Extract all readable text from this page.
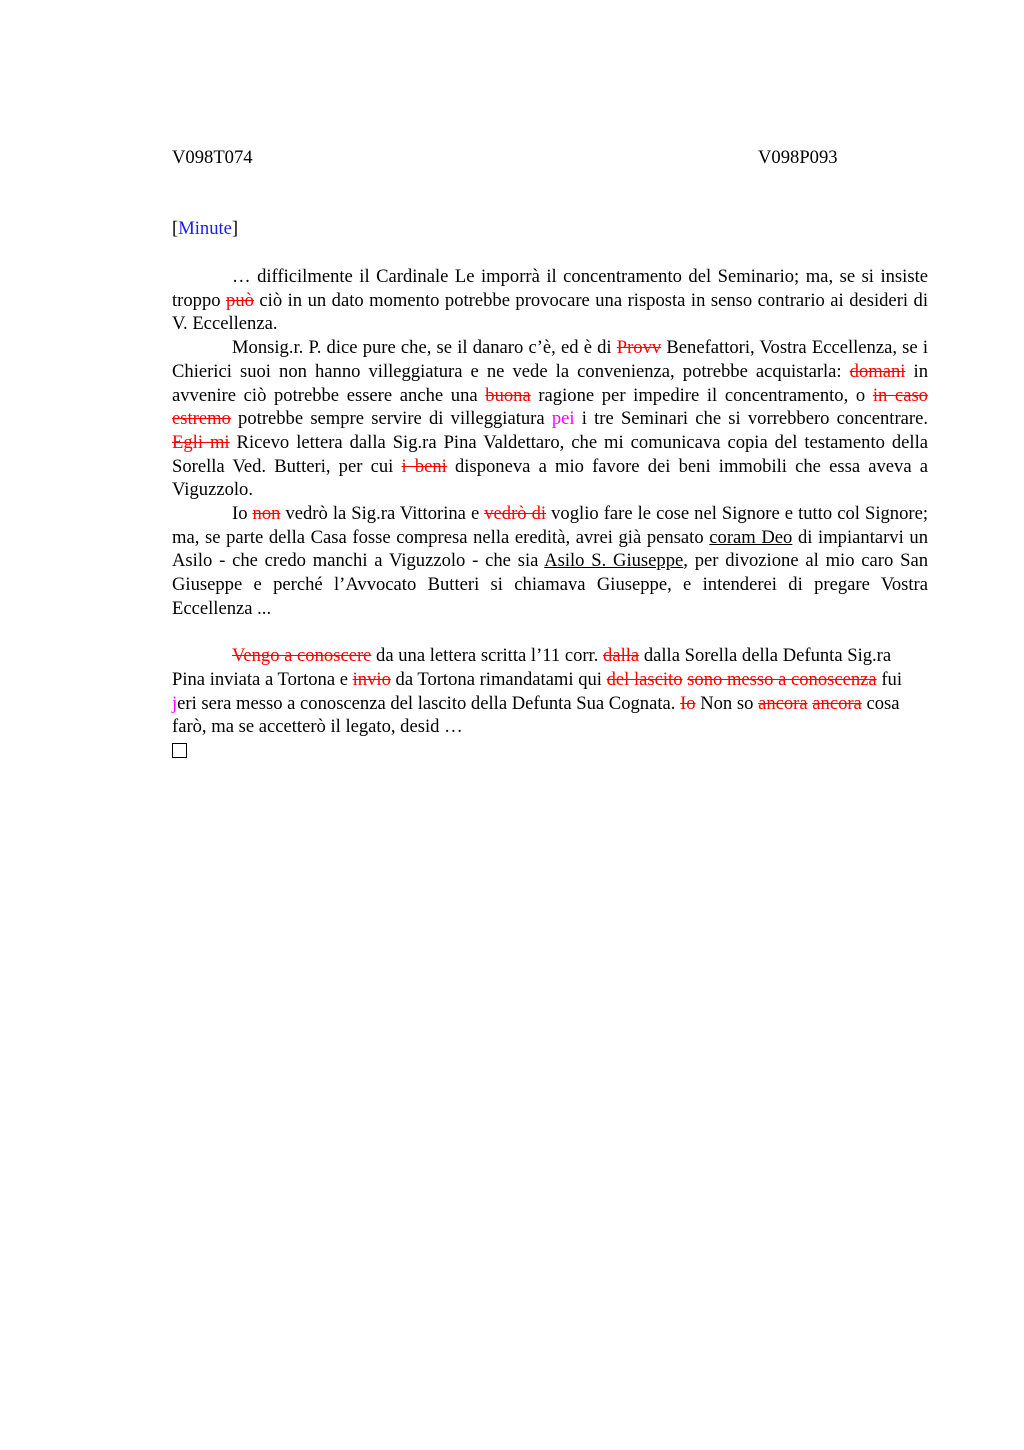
V098T074	V098P093
[Minute]

… difficilmente il Cardinale Le imporrà il concentramento del Seminario; ma, se si insiste troppo può ciò in un dato momento potrebbe provocare una risposta in senso contrario ai desideri di V. Eccellenza.

Monsig.r. P. dice pure che, se il danaro c’è, ed è di Provv Benefattori, Vostra Eccellenza, se i Chierici suoi non hanno villeggiatura e ne vede la convenienza, potrebbe acquistarla: domani in avvenire ciò potrebbe essere anche una buona ragione per impedire il concentramento, o in caso estremo potrebbe sempre servire di villeggiatura pei i tre Seminari che si vorrebbero concentrare. Egli mi Ricevo lettera dalla Sig.ra Pina Valdettaro, che mi comunicava copia del testamento della Sorella Ved. Butteri, per cui i beni disponeva a mio favore dei beni immobili che essa aveva a Viguzzolo.

Io non vedrò la Sig.ra Vittorina e vedrò di voglio fare le cose nel Signore e tutto col Signore; ma, se parte della Casa fosse compresa nella eredità, avrei già pensato coram Deo di impiantarvi un Asilo - che credo manchi a Viguzzolo - che sia Asilo S. Giuseppe, per divozione al mio caro San Giuseppe e perché l’Avvocato Butteri si chiamava Giuseppe, e intenderei di pregare Vostra Eccellenza ...

Vengo a conoscere da una lettera scritta l’11 corr. dalla dalla Sorella della Defunta Sig.ra Pina inviata a Tortona e invio da Tortona rimandatami qui del lascito sono messo a conoscenza fui jeri sera messo a conoscenza del lascito della Defunta Sua Cognata. Io Non so ancora ancora cosa farò, ma se accetterò il legato, desid …
